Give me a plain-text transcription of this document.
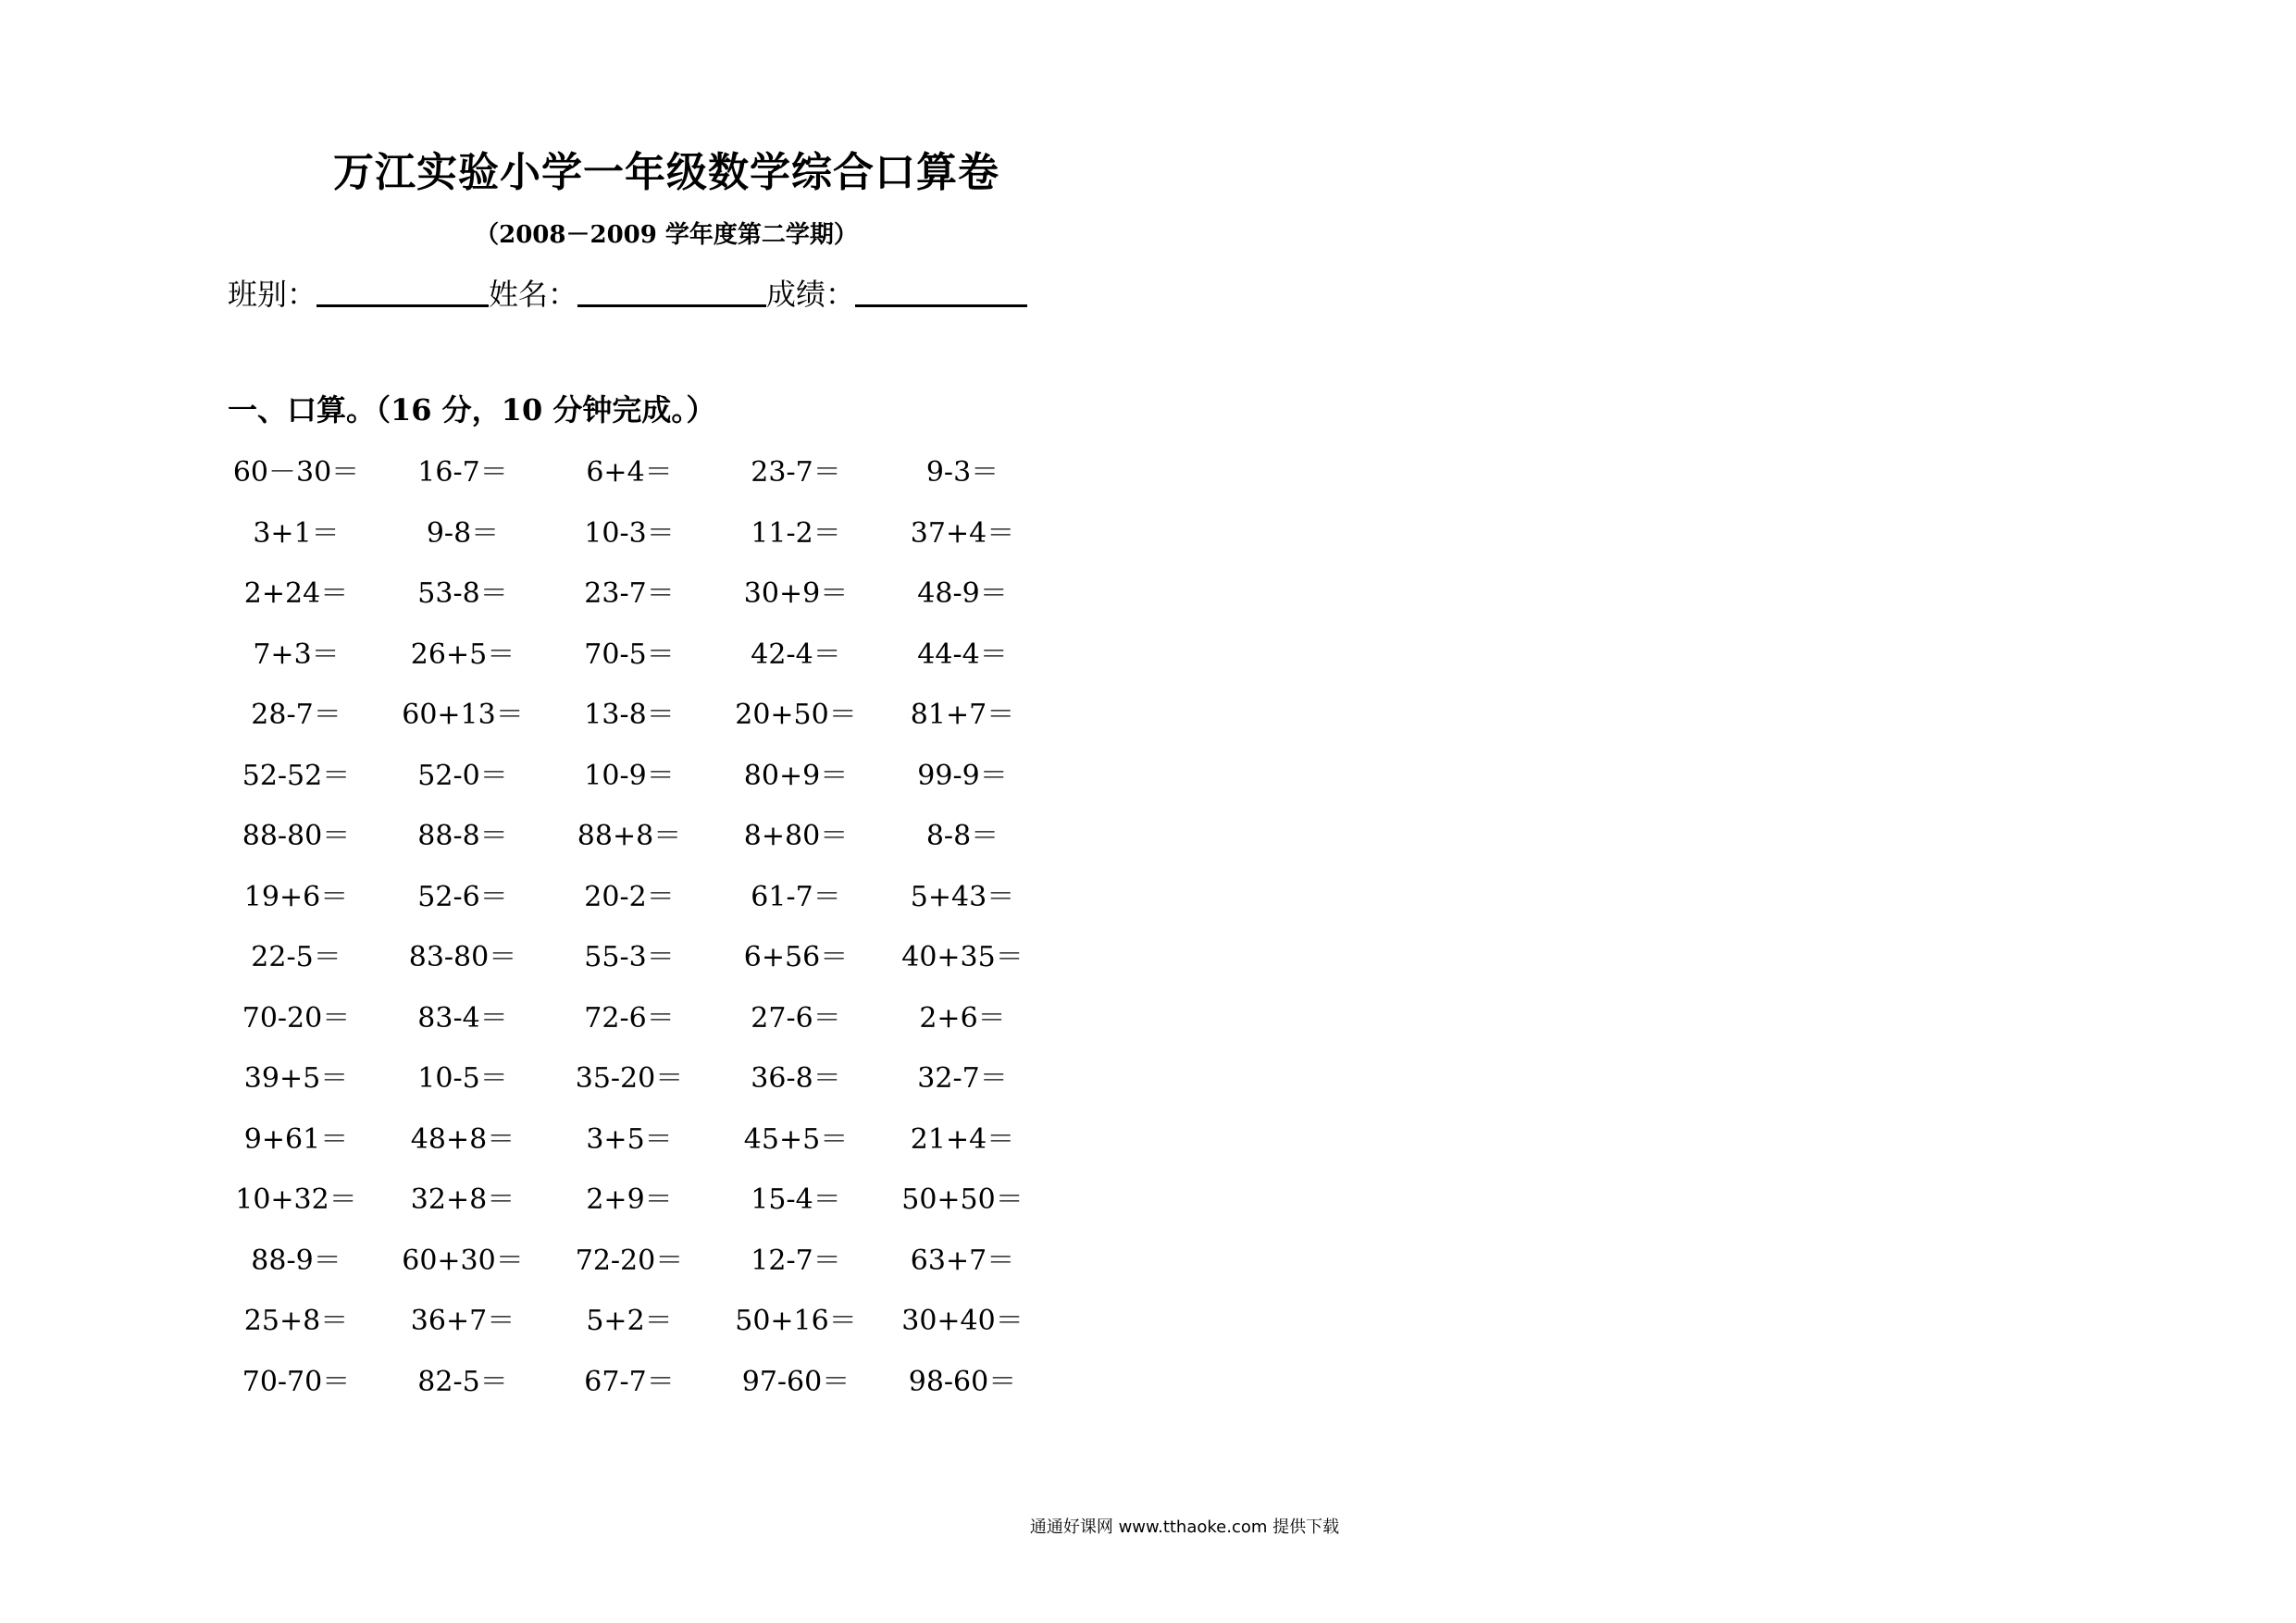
万江实验小学一年级数学综合口算卷

（2008－2009 学年度第二学期）

班别：	姓名：	成绩：
一、口算。（16 分，10 分钟完成。）
60－30＝	16-7＝	6+4＝	23-7＝	9-3＝
3+1＝	9-8＝	10-3＝	11-2＝	37+4＝
2+24＝	53-8＝	23-7＝	30+9＝	48-9＝
7+3＝	26+5＝	70-5＝	42-4＝	44-4＝
28-7＝	60+13＝	13-8＝	20+50＝	81+7＝
52-52＝	52-0＝	10-9＝	80+9＝	99-9＝
88-80＝	88-8＝	88+8＝	8+80＝	8-8＝
19+6＝	52-6＝	20-2＝	61-7＝	5+43＝
22-5＝	83-80＝	55-3＝	6+56＝	40+35＝
70-20＝	83-4＝	72-6＝	27-6＝	2+6＝
39+5＝	10-5＝	35-20＝	36-8＝	32-7＝
9+61＝	48+8＝	3+5＝	45+5＝	21+4＝
10+32＝	32+8＝	2+9＝	15-4＝	50+50＝
88-9＝	60+30＝	72-20＝	12-7＝	63+7＝
25+8＝	36+7＝	5+2＝	50+16＝	30+40＝
70-70＝	82-5＝	67-7＝	97-60＝	98-60＝
通通好课网 www.tthaoke.com 提供下载
